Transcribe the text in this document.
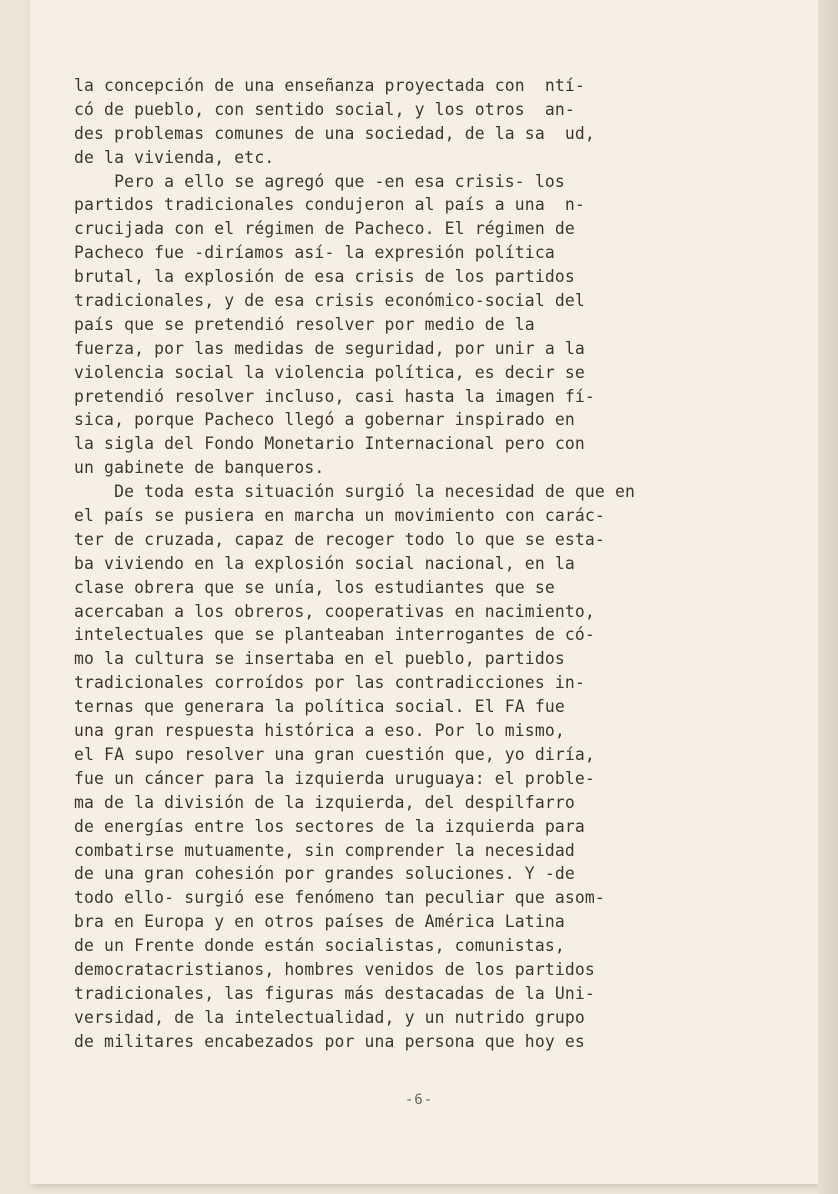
la concepción de una enseñanza proyectada con  ntí-
có de pueblo, con sentido social, y los otros  an-
des problemas comunes de una sociedad, de la sa  ud,
de la vivienda, etc.
Pero a ello se agregó que -en esa crisis- los
partidos tradicionales condujeron al país a una  n-
crucijada con el régimen de Pacheco. El régimen de
Pacheco fue -diríamos así- la expresión política
brutal, la explosión de esa crisis de los partidos
tradicionales, y de esa crisis económico-social del
país que se pretendió resolver por medio de la
fuerza, por las medidas de seguridad, por unir a la
violencia social la violencia política, es decir se
pretendió resolver incluso, casi hasta la imagen fí-
sica, porque Pacheco llegó a gobernar inspirado en
la sigla del Fondo Monetario Internacional pero con
un gabinete de banqueros.
De toda esta situación surgió la necesidad de que en
el país se pusiera en marcha un movimiento con carác-
ter de cruzada, capaz de recoger todo lo que se esta-
ba viviendo en la explosión social nacional, en la
clase obrera que se unía, los estudiantes que se
acercaban a los obreros, cooperativas en nacimiento,
intelectuales que se planteaban interrogantes de có-
mo la cultura se insertaba en el pueblo, partidos
tradicionales corroídos por las contradicciones in-
ternas que generara la política social. El FA fue
una gran respuesta histórica a eso. Por lo mismo,
el FA supo resolver una gran cuestión que, yo diría,
fue un cáncer para la izquierda uruguaya: el proble-
ma de la división de la izquierda, del despilfarro
de energías entre los sectores de la izquierda para
combatirse mutuamente, sin comprender la necesidad
de una gran cohesión por grandes soluciones. Y -de
todo ello- surgió ese fenómeno tan peculiar que asom-
bra en Europa y en otros países de América Latina
de un Frente donde están socialistas, comunistas,
democratacristianos, hombres venidos de los partidos
tradicionales, las figuras más destacadas de la Uni-
versidad, de la intelectualidad, y un nutrido grupo
de militares encabezados por una persona que hoy es
-6-
